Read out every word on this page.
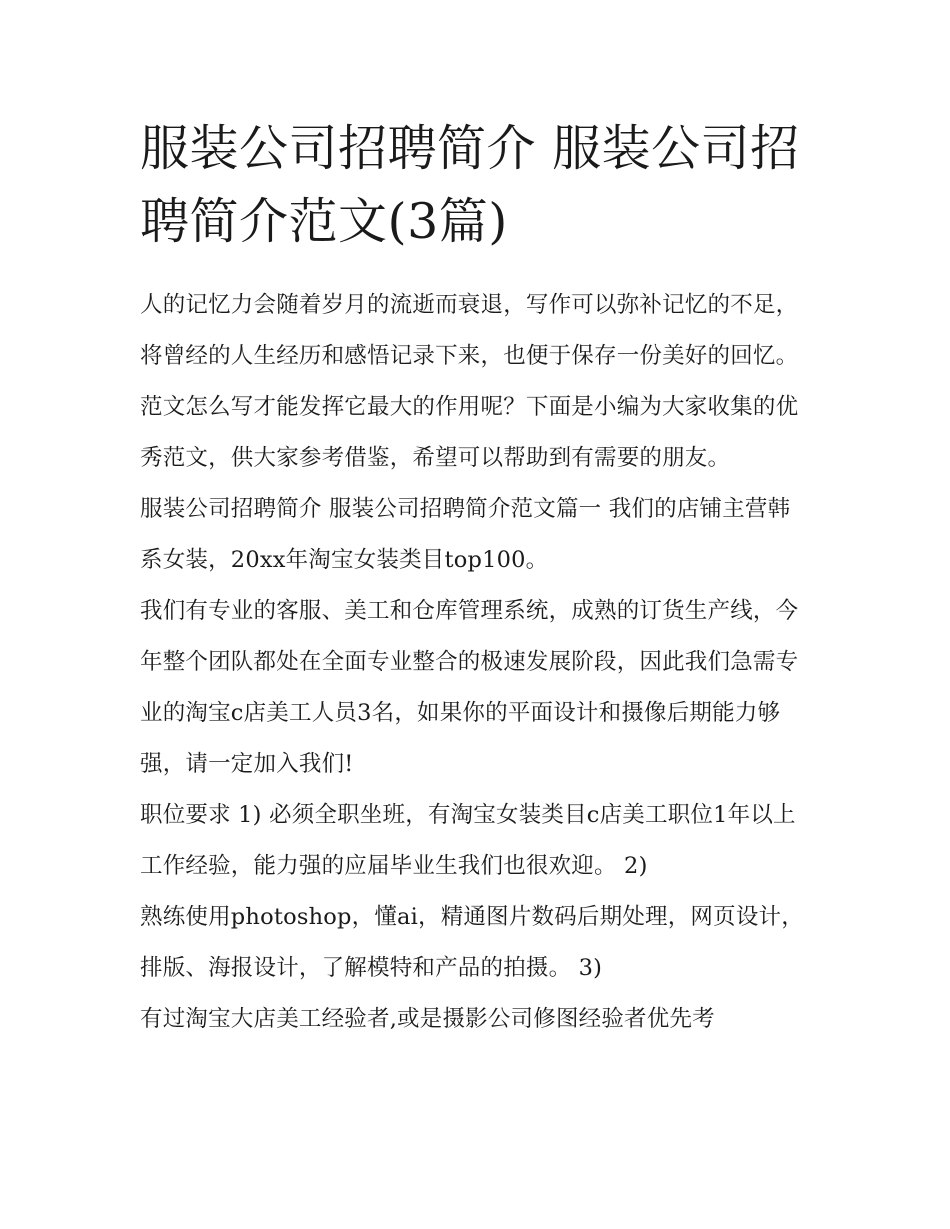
服装公司招聘简介 服装公司招聘简介范文(3篇)

人的记忆力会随着岁月的流逝而衰退，写作可以弥补记忆的不足，将曾经的人生经历和感悟记录下来，也便于保存一份美好的回忆。范文怎么写才能发挥它最大的作用呢？下面是小编为大家收集的优秀范文，供大家参考借鉴，希望可以帮助到有需要的朋友。

服装公司招聘简介 服装公司招聘简介范文篇一 我们的店铺主营韩系女装，20xx年淘宝女装类目top100。

我们有专业的客服、美工和仓库管理系统，成熟的订货生产线，今年整个团队都处在全面专业整合的极速发展阶段，因此我们急需专业的淘宝c店美工人员3名，如果你的平面设计和摄像后期能力够强，请一定加入我们!

职位要求 1) 必须全职坐班，有淘宝女装类目c店美工职位1年以上工作经验，能力强的应届毕业生我们也很欢迎。 2)

熟练使用photoshop，懂ai，精通图片数码后期处理，网页设计，排版、海报设计，了解模特和产品的拍摄。 3)

有过淘宝大店美工经验者,或是摄影公司修图经验者优先考
